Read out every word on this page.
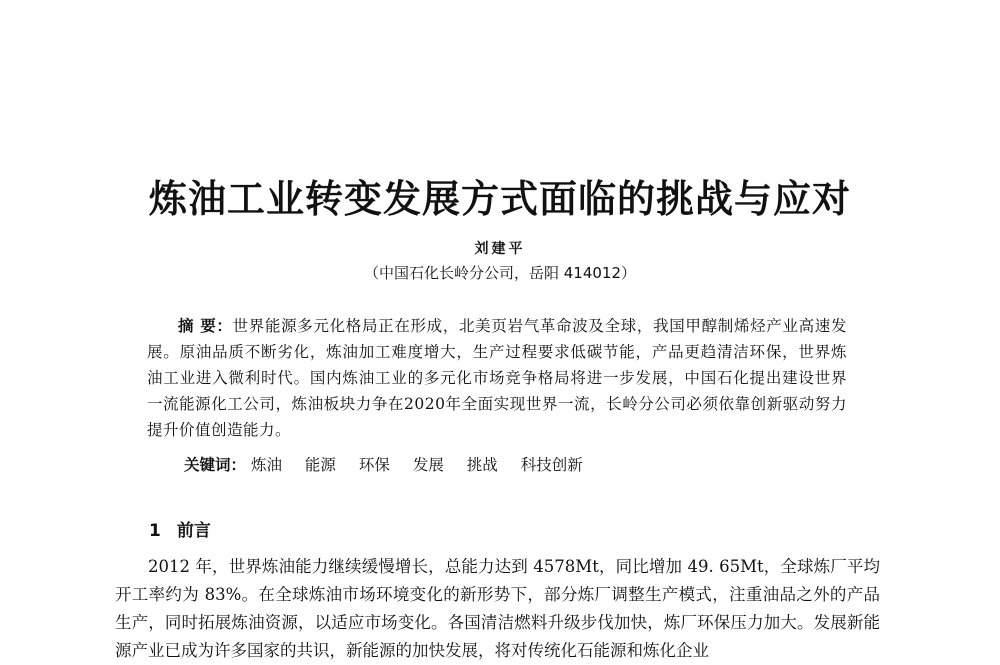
炼油工业转变发展方式面临的挑战与应对
刘建平
（中国石化长岭分公司，岳阳 414012）
摘 要：世界能源多元化格局正在形成，北美页岩气革命波及全球，我国甲醇制烯烃产业高速发展。原油品质不断劣化，炼油加工难度增大，生产过程要求低碳节能，产品更趋清洁环保，世界炼油工业进入微利时代。国内炼油工业的多元化市场竞争格局将进一步发展，中国石化提出建设世界一流能源化工公司，炼油板块力争在2020年全面实现世界一流，长岭分公司必须依靠创新驱动努力提升价值创造能力。
关键词： 炼油 能源 环保 发展 挑战 科技创新
1 前言
2012 年，世界炼油能力继续缓慢增长，总能力达到 4578Mt，同比增加 49. 65Mt，全球炼厂平均开工率约为 83%。在全球炼油市场环境变化的新形势下，部分炼厂调整生产模式，注重油品之外的产品生产，同时拓展炼油资源，以适应市场变化。各国清洁燃料升级步伐加快，炼厂环保压力加大。发展新能源产业已成为许多国家的共识，新能源的加快发展，将对传统化石能源和炼化企业
